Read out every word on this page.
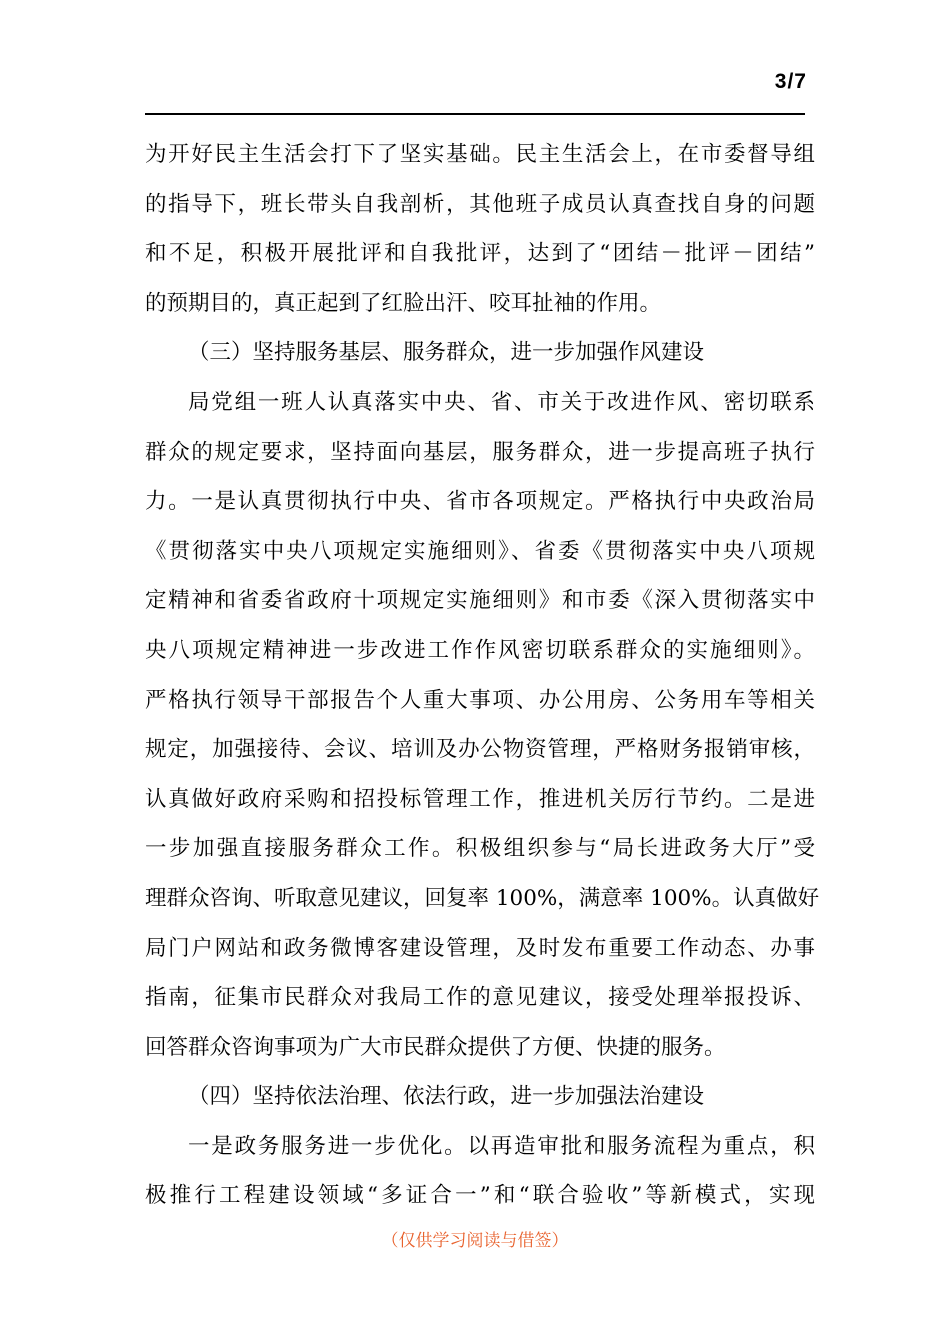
3/7
为开好民主生活会打下了坚实基础。民主生活会上，在市委督导组
的指导下，班长带头自我剖析，其他班子成员认真查找自身的问题
和不足，积极开展批评和自我批评，达到了“团结－批评－团结”
的预期目的，真正起到了红脸出汗、咬耳扯袖的作用。
（三）坚持服务基层、服务群众，进一步加强作风建设
局党组一班人认真落实中央、省、市关于改进作风、密切联系
群众的规定要求，坚持面向基层，服务群众，进一步提高班子执行
力。一是认真贯彻执行中央、省市各项规定。严格执行中央政治局
《贯彻落实中央八项规定实施细则》、省委《贯彻落实中央八项规
定精神和省委省政府十项规定实施细则》和市委《深入贯彻落实中
央八项规定精神进一步改进工作作风密切联系群众的实施细则》。
严格执行领导干部报告个人重大事项、办公用房、公务用车等相关
规定，加强接待、会议、培训及办公物资管理，严格财务报销审核，
认真做好政府采购和招投标管理工作，推进机关厉行节约。二是进
一步加强直接服务群众工作。积极组织参与“局长进政务大厅”受
理群众咨询、听取意见建议，回复率 100%，满意率 100%。认真做好
局门户网站和政务微博客建设管理，及时发布重要工作动态、办事
指南，征集市民群众对我局工作的意见建议，接受处理举报投诉、
回答群众咨询事项为广大市民群众提供了方便、快捷的服务。
（四）坚持依法治理、依法行政，进一步加强法治建设
一是政务服务进一步优化。以再造审批和服务流程为重点，积
极推行工程建设领域“多证合一”和“联合验收”等新模式，实现
（仅供学习阅读与借签）
